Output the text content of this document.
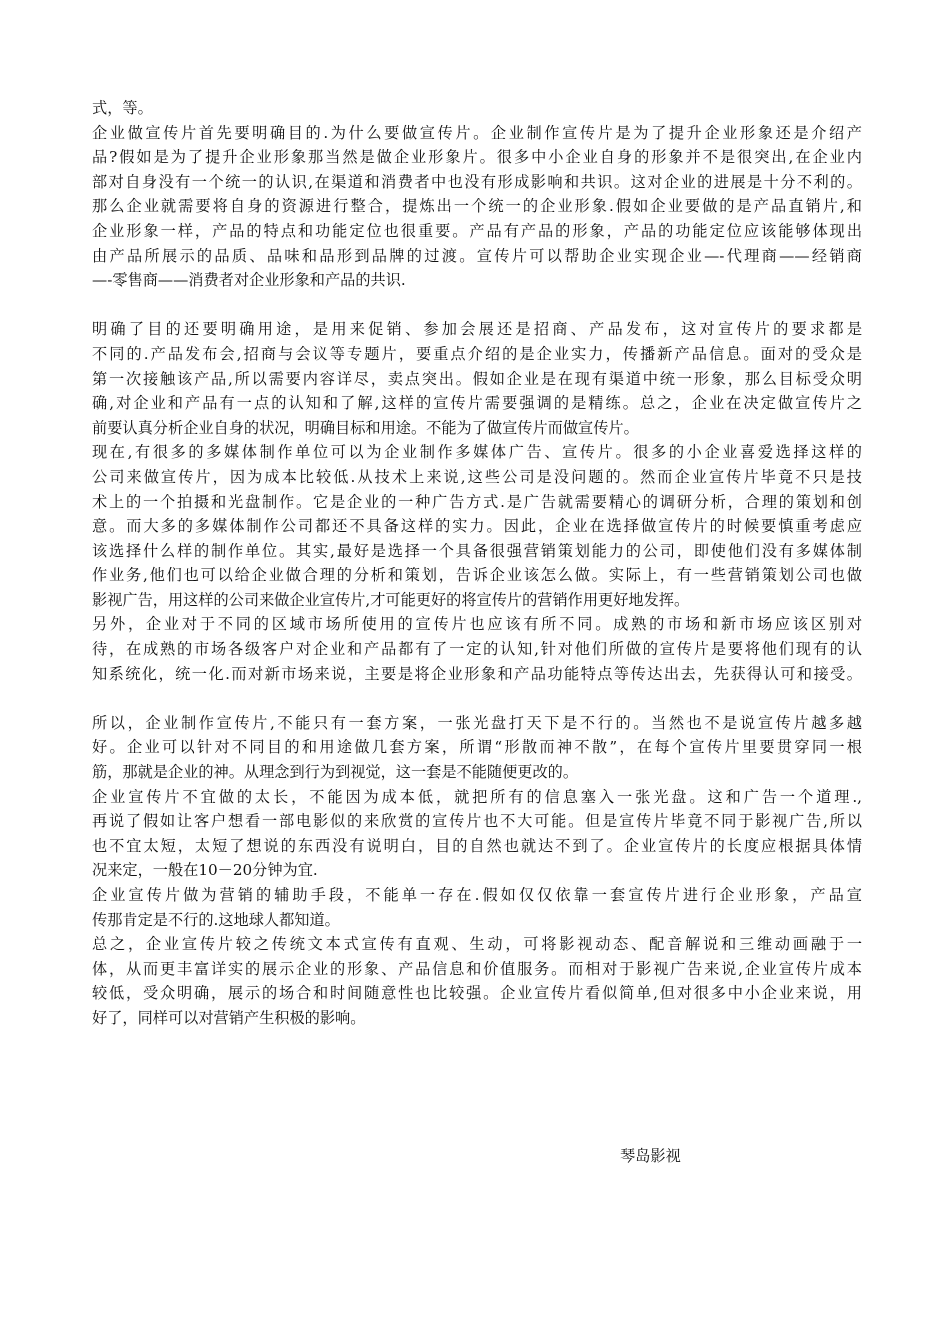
式，等。
企业做宣传片首先要明确目的.为什么要做宣传片。企业制作宣传片是为了提升企业形象还是介绍产
品?假如是为了提升企业形象那当然是做企业形象片。很多中小企业自身的形象并不是很突出,在企业内
部对自身没有一个统一的认识,在渠道和消费者中也没有形成影响和共识。这对企业的进展是十分不利的。
那么企业就需要将自身的资源进行整合，提炼出一个统一的企业形象.假如企业要做的是产品直销片,和
企业形象一样，产品的特点和功能定位也很重要。产品有产品的形象，产品的功能定位应该能够体现出
由产品所展示的品质、品味和品形到品牌的过渡。宣传片可以帮助企业实现企业—-代理商——经销商
—-零售商——消费者对企业形象和产品的共识.
明确了目的还要明确用途，是用来促销、参加会展还是招商、产品发布，这对宣传片的要求都是
不同的.产品发布会,招商与会议等专题片，要重点介绍的是企业实力，传播新产品信息。面对的受众是
第一次接触该产品,所以需要内容详尽，卖点突出。假如企业是在现有渠道中统一形象，那么目标受众明
确,对企业和产品有一点的认知和了解,这样的宣传片需要强调的是精练。总之，企业在决定做宣传片之
前要认真分析企业自身的状况，明确目标和用途。不能为了做宣传片而做宣传片。
现在,有很多的多媒体制作单位可以为企业制作多媒体广告、宣传片。很多的小企业喜爱选择这样的
公司来做宣传片，因为成本比较低.从技术上来说,这些公司是没问题的。然而企业宣传片毕竟不只是技
术上的一个拍摄和光盘制作。它是企业的一种广告方式.是广告就需要精心的调研分析，合理的策划和创
意。而大多的多媒体制作公司都还不具备这样的实力。因此，企业在选择做宣传片的时候要慎重考虑应
该选择什么样的制作单位。其实,最好是选择一个具备很强营销策划能力的公司，即使他们没有多媒体制
作业务,他们也可以给企业做合理的分析和策划，告诉企业该怎么做。实际上，有一些营销策划公司也做
影视广告，用这样的公司来做企业宣传片,才可能更好的将宣传片的营销作用更好地发挥。
另外，企业对于不同的区域市场所使用的宣传片也应该有所不同。成熟的市场和新市场应该区别对
待，在成熟的市场各级客户对企业和产品都有了一定的认知,针对他们所做的宣传片是要将他们现有的认
知系统化，统一化.而对新市场来说，主要是将企业形象和产品功能特点等传达出去，先获得认可和接受。
所以，企业制作宣传片,不能只有一套方案，一张光盘打天下是不行的。当然也不是说宣传片越多越
好。企业可以针对不同目的和用途做几套方案，所谓“形散而神不散”，在每个宣传片里要贯穿同一根
筋，那就是企业的神。从理念到行为到视觉，这一套是不能随便更改的。
企业宣传片不宜做的太长，不能因为成本低，就把所有的信息塞入一张光盘。这和广告一个道理.,
再说了假如让客户想看一部电影似的来欣赏的宣传片也不大可能。但是宣传片毕竟不同于影视广告,所以
也不宜太短，太短了想说的东西没有说明白，目的自然也就达不到了。企业宣传片的长度应根据具体情
况来定，一般在10－20分钟为宜.
企业宣传片做为营销的辅助手段，不能单一存在.假如仅仅依靠一套宣传片进行企业形象，产品宣
传那肯定是不行的.这地球人都知道。
总之，企业宣传片较之传统文本式宣传有直观、生动，可将影视动态、配音解说和三维动画融于一
体，从而更丰富详实的展示企业的形象、产品信息和价值服务。而相对于影视广告来说,企业宣传片成本
较低，受众明确，展示的场合和时间随意性也比较强。企业宣传片看似简单,但对很多中小企业来说，用
好了，同样可以对营销产生积极的影响。
琴岛影视
